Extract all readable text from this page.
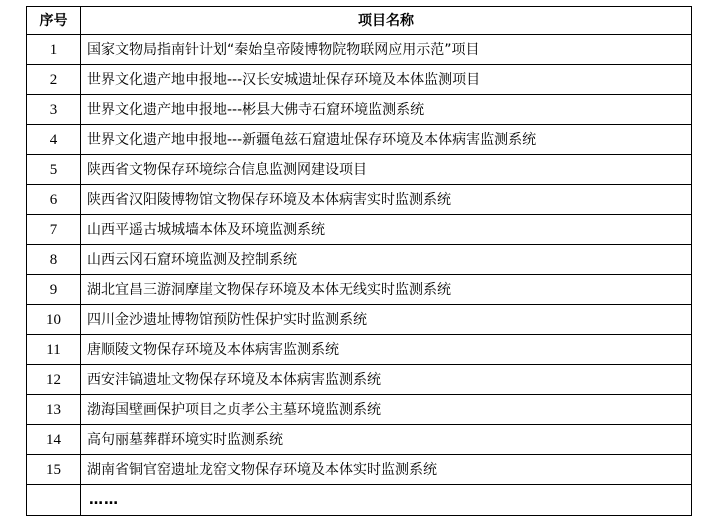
序号	项目名称
1	国家文物局指南针计划“秦始皇帝陵博物院物联网应用示范”项目
2	世界文化遗产地申报地---汉长安城遗址保存环境及本体监测项目
3	世界文化遗产地申报地---彬县大佛寺石窟环境监测系统
4	世界文化遗产地申报地---新疆龟兹石窟遗址保存环境及本体病害监测系统
5	陕西省文物保存环境综合信息监测网建设项目
6	陕西省汉阳陵博物馆文物保存环境及本体病害实时监测系统
7	山西平遥古城城墙本体及环境监测系统
8	山西云冈石窟环境监测及控制系统
9	湖北宜昌三游洞摩崖文物保存环境及本体无线实时监测系统
10	四川金沙遗址博物馆预防性保护实时监测系统
11	唐顺陵文物保存环境及本体病害监测系统
12	西安沣镐遗址文物保存环境及本体病害监测系统
13	渤海国壁画保护项目之贞孝公主墓环境监测系统
14	高句丽墓葬群环境实时监测系统
15	湖南省铜官窑遗址龙窑文物保存环境及本体实时监测系统
	……
